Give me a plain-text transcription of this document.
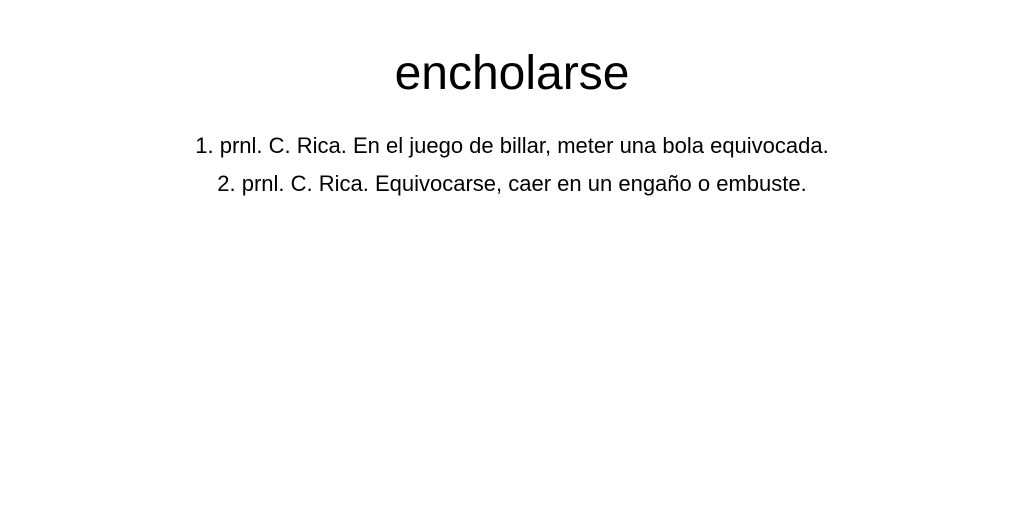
encholarse
1. prnl. C. Rica. En el juego de billar, meter una bola equivocada.
2. prnl. C. Rica. Equivocarse, caer en un engaño o embuste.
